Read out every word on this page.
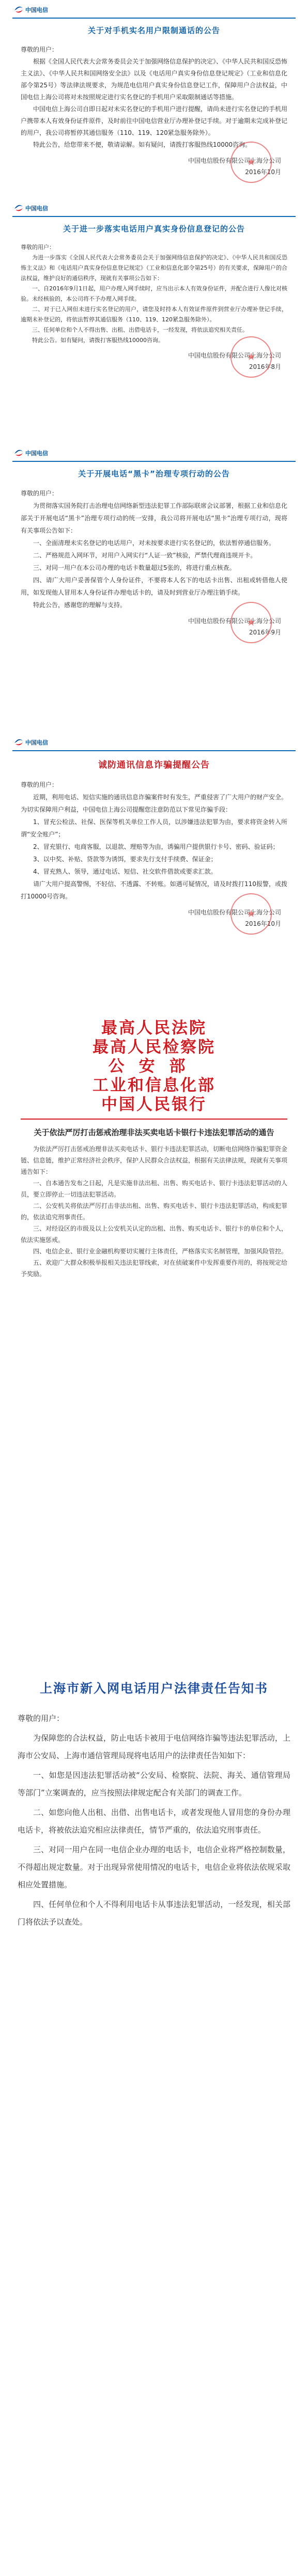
中国电信
关于对手机实名用户限制通话的公告

尊敬的用户：

根据《全国人民代表大会常务委员会关于加强网络信息保护的决定》、《中华人民共和国反恐怖主义法》、《中华人民共和国网络安全法》以及《电话用户真实身份信息登记规定》（工业和信息化部令第25号）等法律法规要求，为规范电信用户真实身份信息登记工作，保障用户合法权益，中国电信上海公司将对未按照规定进行实名登记的手机用户采取限制通话等措施。

中国电信上海公司自即日起对未实名登记的手机用户进行提醒，请尚未进行实名登记的手机用户携带本人有效身份证件原件，及时前往中国电信营业厅办理补登记手续。对于逾期未完成补登记的用户，我公司将暂停其通信服务（110、119、120紧急服务除外）。

特此公告，给您带来不便，敬请谅解。如有疑问，请拨打客服热线10000咨询。

★
中国电信股份有限公司上海分公司
2016年10月
中国电信
关于进一步落实电话用户真实身份信息登记的公告

尊敬的用户：

为进一步落实《全国人民代表大会常务委员会关于加强网络信息保护的决定》、《中华人民共和国反恐怖主义法》和《电话用户真实身份信息登记规定》（工业和信息化部令第25号）的有关要求，保障用户的合法权益，维护良好的通信秩序，现就有关事项公告如下：

一、自2016年9月1日起，用户办理入网手续时，应当出示本人有效身份证件，并配合进行人像比对核验。未经核验的，本公司将不予办理入网手续。

二、对于已入网但未进行实名登记的用户，请您及时持本人有效证件原件到营业厅办理补登记手续，逾期未补登记的，将依法暂停其通信服务（110、119、120紧急服务除外）。

三、任何单位和个人不得出售、出租、出借电话卡，一经发现，将依法追究相关责任。

特此公告。如有疑问，请拨打客服热线10000咨询。

★
中国电信股份有限公司上海分公司
2016年8月
中国电信
关于开展电话“黑卡”治理专项行动的公告

尊敬的用户：

为贯彻落实国务院打击治理电信网络新型违法犯罪工作部际联席会议部署，根据工业和信息化部关于开展电话“黑卡”治理专项行动的统一安排，我公司将开展电话“黑卡”治理专项行动，现将有关事项公告如下：

一、全面清理未实名登记的电话用户，对未按要求进行实名登记的，依法暂停通信服务。

二、严格规范入网环节，对用户入网实行“人证一致”核验，严禁代理商违规开卡。

三、对同一用户在本公司办理的电话卡数量超过5张的，将进行重点核查。

四、请广大用户妥善保管个人身份证件，不要将本人名下的电话卡出售、出租或转借他人使用，如发现他人冒用本人身份证件办理电话卡的，请及时到营业厅办理注销手续。

特此公告，感谢您的理解与支持。

★
中国电信股份有限公司上海分公司
2016年9月
中国电信
诚防通讯信息诈骗提醒公告

尊敬的用户：

近期，利用电话、短信实施的通讯信息诈骗案件时有发生，严重侵害了广大用户的财产安全。为切实保障用户利益，中国电信上海公司提醒您注意防范以下常见诈骗手段：

1、冒充公检法、社保、医保等机关单位工作人员，以涉嫌违法犯罪为由，要求将资金转入所谓“安全账户”；

2、冒充银行、电商客服，以退款、理赔等为由，诱骗用户提供银行卡号、密码、验证码；

3、以中奖、补贴、贷款等为诱饵，要求先行支付手续费、保证金；

4、冒充熟人、领导，通过电话、短信、社交软件借款或要求汇款。

请广大用户提高警惕，不轻信、不透露、不转账。如遇可疑情况，请及时拨打110报警，或拨打10000号咨询。

★
中国电信股份有限公司上海分公司
2016年10月
最高人民法院
最高人民检察院
公安部
工业和信息化部
中国人民银行
关于依法严厉打击惩戒治理非法买卖电话卡银行卡违法犯罪活动的通告

为依法严厉打击惩戒治理非法买卖电话卡、银行卡违法犯罪活动，切断电信网络诈骗犯罪资金链、信息链，维护正常经济社会秩序，保护人民群众合法权益，根据有关法律法规，现就有关事项通告如下：

一、自本通告发布之日起，凡是实施非法出租、出售、购买电话卡、银行卡违法犯罪活动的人员，要立即停止一切违法犯罪活动。

二、公安机关将依法严厉打击非法出租、出售、购买电话卡、银行卡违法犯罪活动，构成犯罪的，依法追究刑事责任。

三、对经设区的市级及以上公安机关认定的出租、出售、购买电话卡、银行卡的单位和个人，依法实施惩戒。

四、电信企业、银行业金融机构要切实履行主体责任，严格落实实名制管理，加强风险管控。

五、欢迎广大群众积极举报相关违法犯罪线索，对在侦破案件中发挥重要作用的，将按规定给予奖励。

上海市新入网电话用户法律责任告知书

尊敬的用户：

为保障您的合法权益，防止电话卡被用于电信网络诈骗等违法犯罪活动，上海市公安局、上海市通信管理局现将电话用户的法律责任告知如下：

一、如您是因违法犯罪活动被“公安局、检察院、法院、海关、通信管理局等部门”立案调查的，应当按照法律规定配合有关部门的调查工作。

二、如您向他人出租、出借、出售电话卡，或者发现他人冒用您的身份办理电话卡，将被依法追究相应法律责任，情节严重的，依法追究刑事责任。

三、对同一用户在同一电信企业办理的电话卡，电信企业将严格控制数量，不得超出规定数量。对于出现异常使用情况的电话卡，电信企业将依法依规采取相应处置措施。

四、任何单位和个人不得利用电话卡从事违法犯罪活动，一经发现，相关部门将依法予以查处。
